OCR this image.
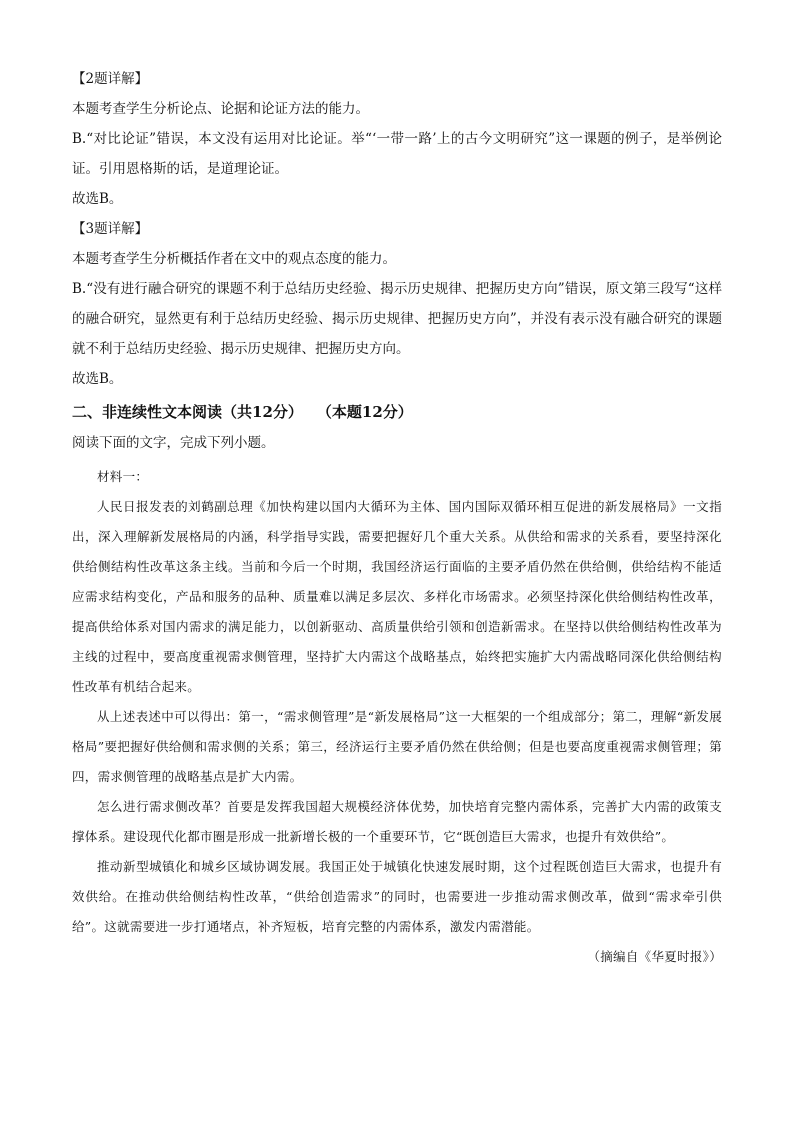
【2题详解】
本题考查学生分析论点、论据和论证方法的能力。
B.“对比论证”错误，本文没有运用对比论证。举“‘一带一路’上的古今文明研究”这一课题的例子，是举例论证。引用恩格斯的话，是道理论证。
故选B。
【3题详解】
本题考查学生分析概括作者在文中的观点态度的能力。
B.“没有进行融合研究的课题不利于总结历史经验、揭示历史规律、把握历史方向”错误，原文第三段写“这样的融合研究，显然更有利于总结历史经验、揭示历史规律、把握历史方向”，并没有表示没有融合研究的课题就不利于总结历史经验、揭示历史规律、把握历史方向。
故选B。
二、非连续性文本阅读（共12分） （本题12分）
阅读下面的文字，完成下列小题。
材料一：
人民日报发表的刘鹤副总理《加快构建以国内大循环为主体、国内国际双循环相互促进的新发展格局》一文指出，深入理解新发展格局的内涵，科学指导实践，需要把握好几个重大关系。从供给和需求的关系看，要坚持深化供给侧结构性改革这条主线。当前和今后一个时期，我国经济运行面临的主要矛盾仍然在供给侧，供给结构不能适应需求结构变化，产品和服务的品种、质量难以满足多层次、多样化市场需求。必须坚持深化供给侧结构性改革，提高供给体系对国内需求的满足能力，以创新驱动、高质量供给引领和创造新需求。在坚持以供给侧结构性改革为主线的过程中，要高度重视需求侧管理，坚持扩大内需这个战略基点，始终把实施扩大内需战略同深化供给侧结构性改革有机结合起来。
从上述表述中可以得出：第一，“需求侧管理”是“新发展格局”这一大框架的一个组成部分；第二，理解“新发展格局”要把握好供给侧和需求侧的关系；第三，经济运行主要矛盾仍然在供给侧；但是也要高度重视需求侧管理；第四，需求侧管理的战略基点是扩大内需。
怎么进行需求侧改革？首要是发挥我国超大规模经济体优势，加快培育完整内需体系，完善扩大内需的政策支撑体系。建设现代化都市圈是形成一批新增长极的一个重要环节，它“既创造巨大需求，也提升有效供给”。
推动新型城镇化和城乡区域协调发展。我国正处于城镇化快速发展时期，这个过程既创造巨大需求，也提升有效供给。在推动供给侧结构性改革，“供给创造需求”的同时，也需要进一步推动需求侧改革，做到“需求牵引供给”。这就需要进一步打通堵点，补齐短板，培育完整的内需体系，激发内需潜能。
（摘编自《华夏时报》）
